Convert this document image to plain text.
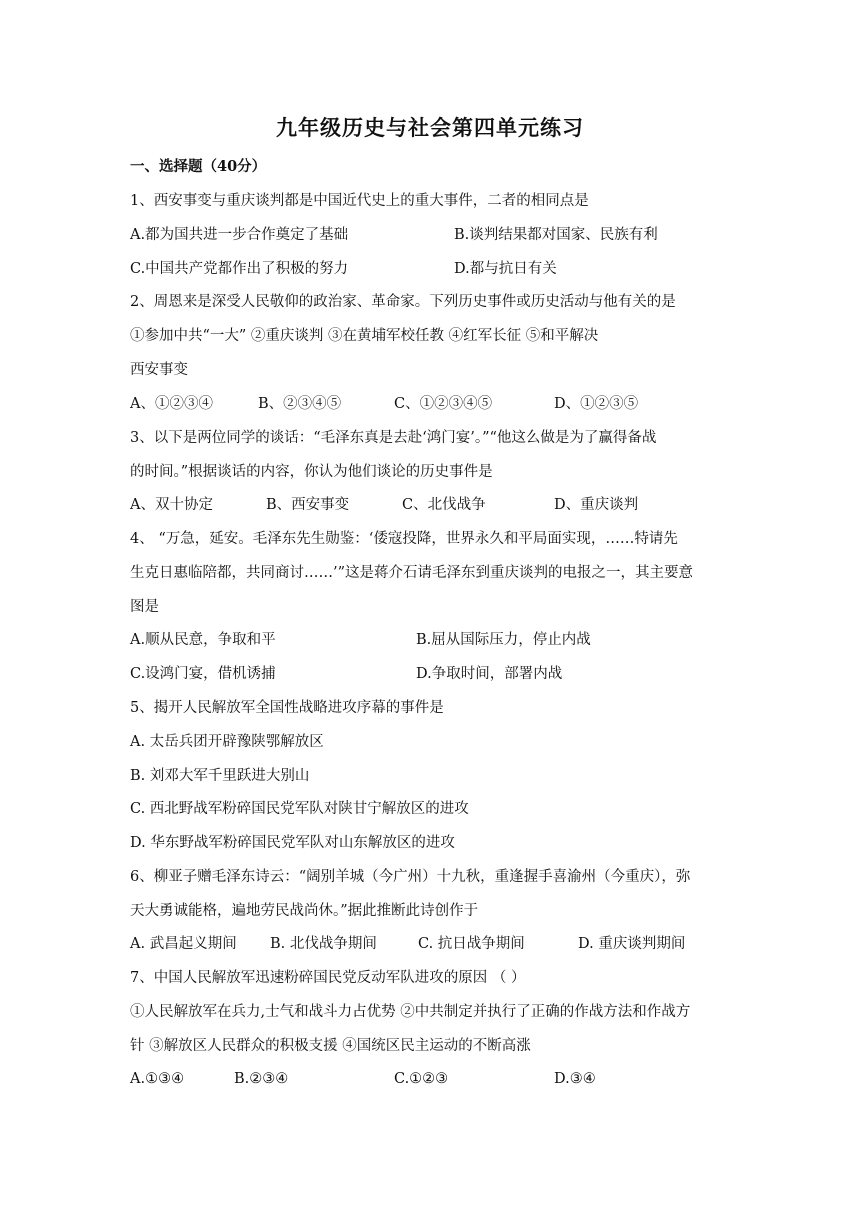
九年级历史与社会第四单元练习
一、选择题（40分）
1、西安事变与重庆谈判都是中国近代史上的重大事件，二者的相同点是
A.都为国共进一步合作奠定了基础	B.谈判结果都对国家、民族有利
C.中国共产党都作出了积极的努力	D.都与抗日有关
2、周恩来是深受人民敬仰的政治家、革命家。下列历史事件或历史活动与他有关的是
①参加中共“一大” ②重庆谈判 ③在黄埔军校任教 ④红军长征 ⑤和平解决
西安事变
A、①②③④	B、②③④⑤	C、①②③④⑤	D、①②③⑤
3、以下是两位同学的谈话：“毛泽东真是去赴‘鸿门宴’。”“他这么做是为了赢得备战
的时间。”根据谈话的内容，你认为他们谈论的历史事件是
A、双十协定	B、西安事变	C、北伐战争	D、重庆谈判
4、 “万急，延安。毛泽东先生勋鉴：‘倭寇投降，世界永久和平局面实现，……特请先
生克日惠临陪都，共同商讨……’”这是蒋介石请毛泽东到重庆谈判的电报之一，其主要意
图是
A.顺从民意，争取和平	B.屈从国际压力，停止内战
C.设鸿门宴，借机诱捕	D.争取时间，部署内战
5、揭开人民解放军全国性战略进攻序幕的事件是
A. 太岳兵团开辟豫陕鄂解放区
B. 刘邓大军千里跃进大别山
C. 西北野战军粉碎国民党军队对陕甘宁解放区的进攻
D. 华东野战军粉碎国民党军队对山东解放区的进攻
6、柳亚子赠毛泽东诗云：“阔别羊城（今广州）十九秋，重逢握手喜渝州（今重庆），弥
天大勇诚能格，遍地劳民战尚休。”据此推断此诗创作于
A. 武昌起义期间 B. 北伐战争期间	C. 抗日战争期间	D. 重庆谈判期间
7、中国人民解放军迅速粉碎国民党反动军队进攻的原因 （ ）
①人民解放军在兵力,士气和战斗力占优势 ②中共制定并执行了正确的作战方法和作战方
针 ③解放区人民群众的积极支援 ④国统区民主运动的不断高涨
A.①③④	B.②③④	C.①②③	D.③④
